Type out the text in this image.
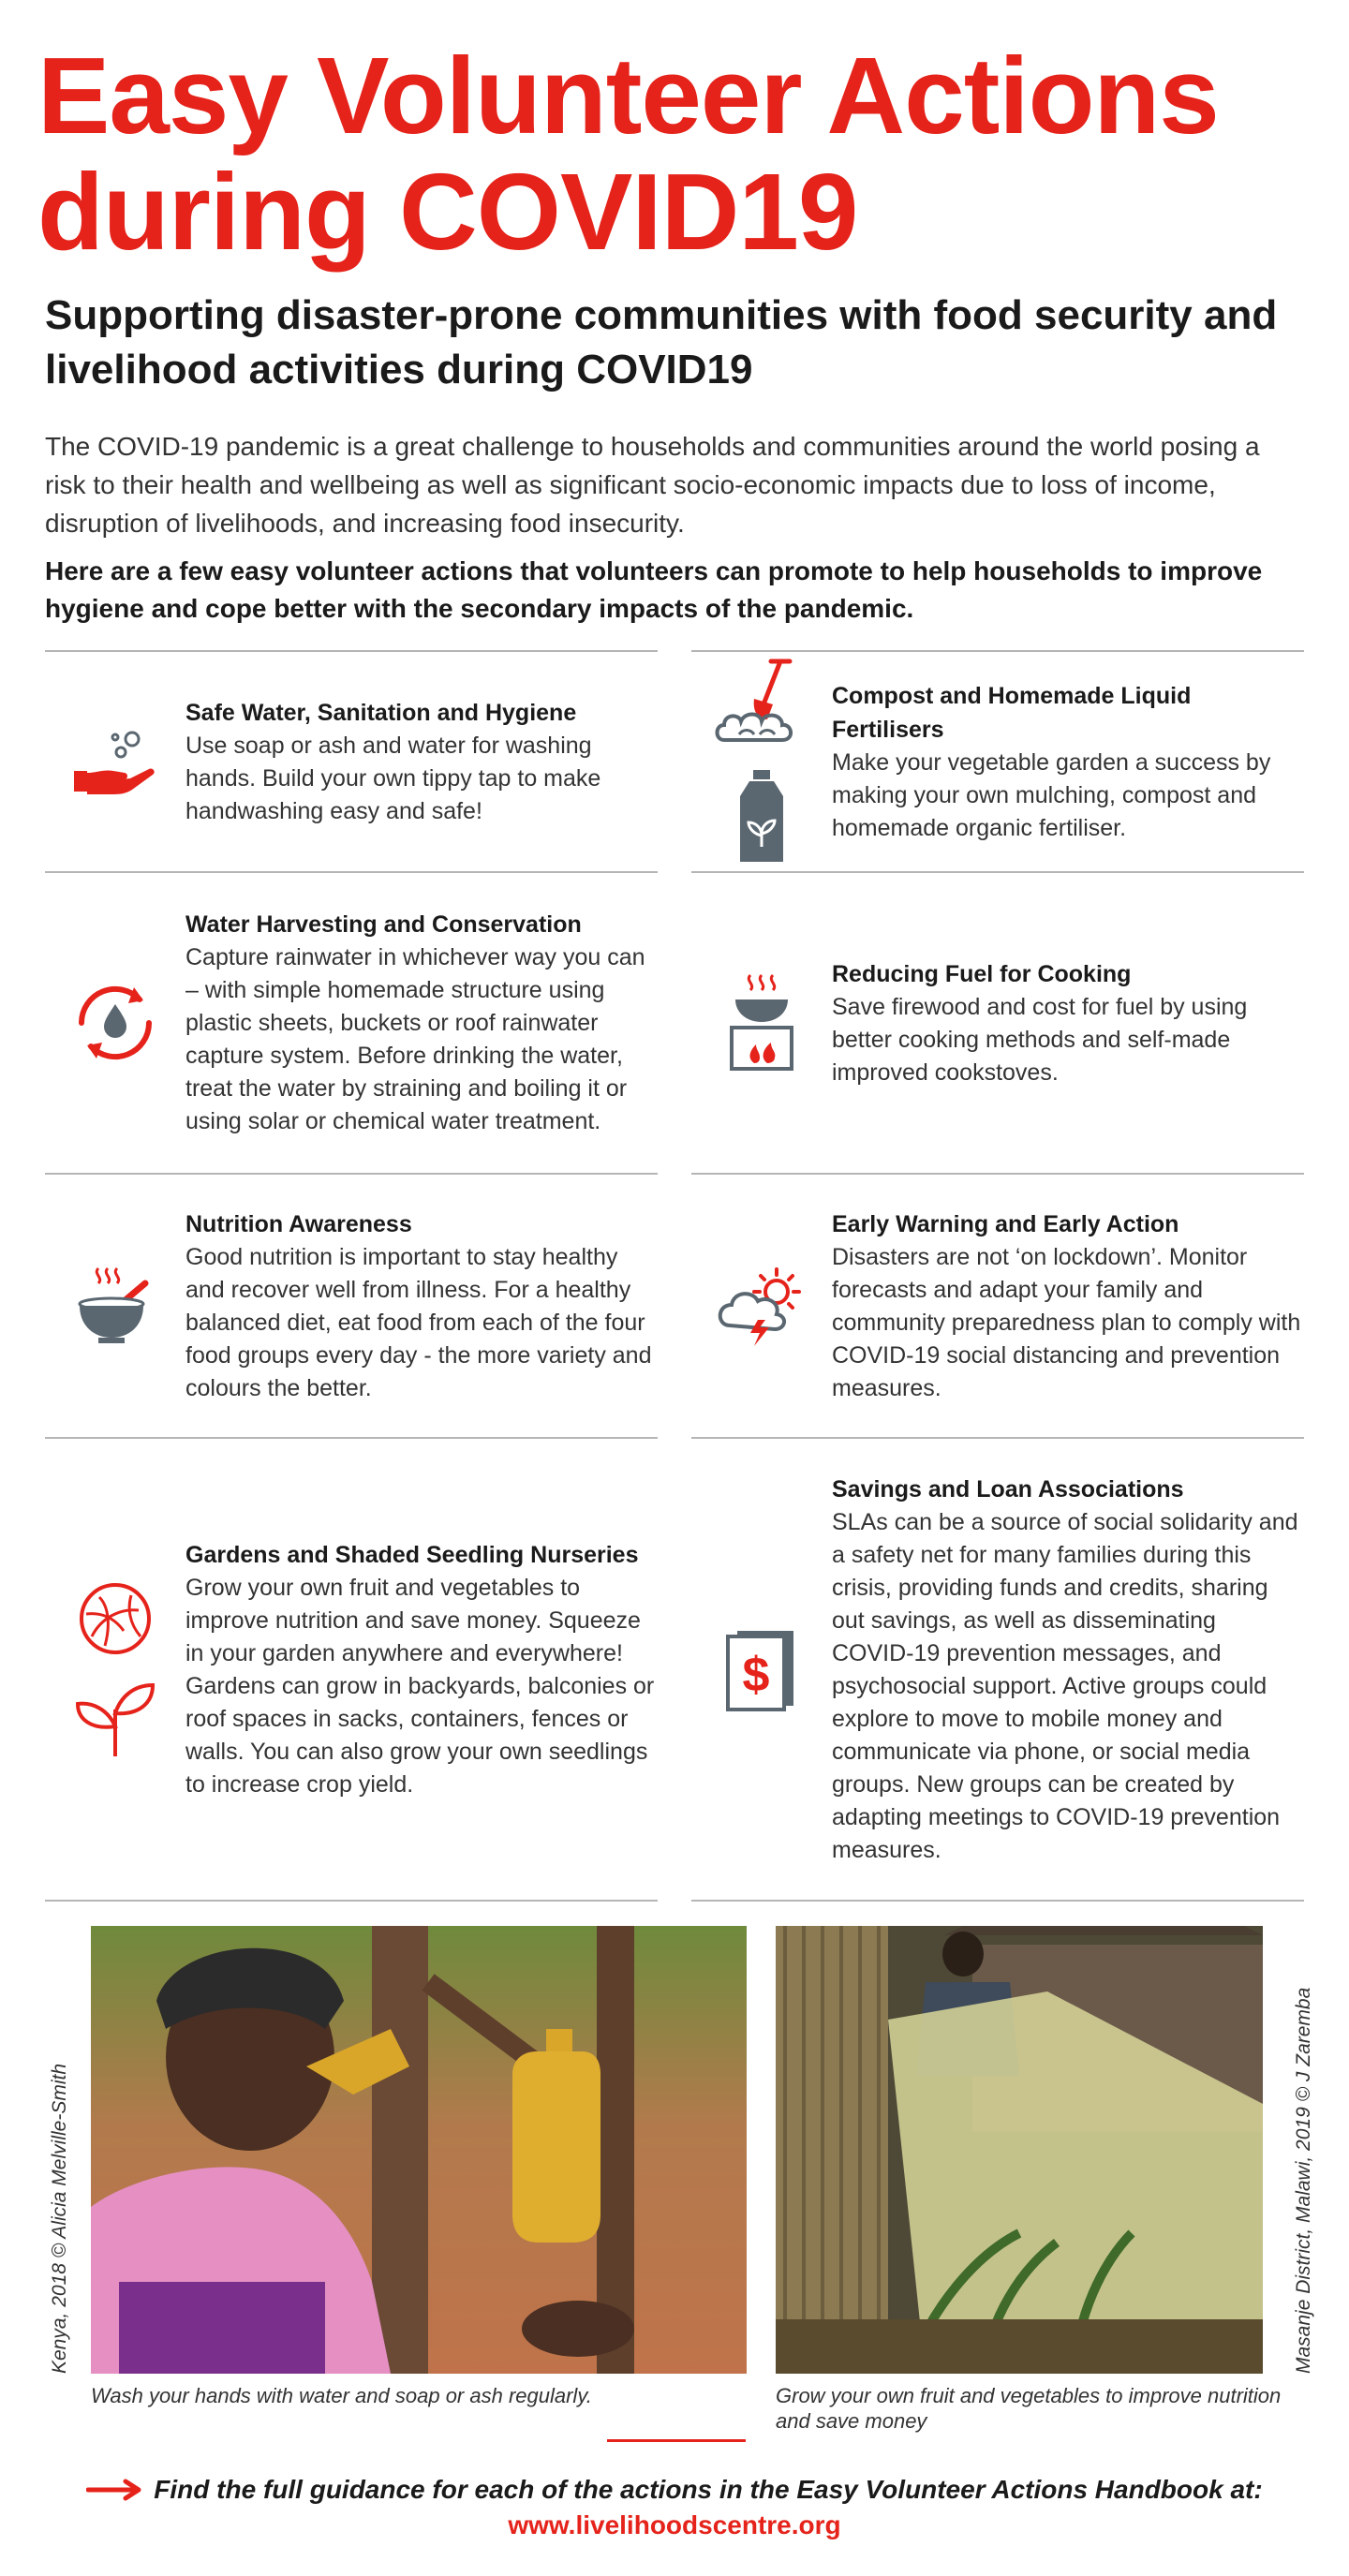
Easy Volunteer Actions
during COVID19
Supporting disaster-prone communities with food security and livelihood activities during COVID19
The COVID-19 pandemic is a great challenge to households and communities around the world posing a risk to their health and wellbeing as well as significant socio-economic impacts due to loss of income, disruption of livelihoods, and increasing food insecurity.
Here are a few easy volunteer actions that volunteers can promote to help households to improve hygiene and cope better with the secondary impacts of the pandemic.
Safe Water, Sanitation and Hygiene
Use soap or ash and water for washing hands. Build your own tippy tap to make handwashing easy and safe!
Water Harvesting and Conservation
Capture rainwater in whichever way you can – with simple homemade structure using plastic sheets, buckets or roof rainwater capture system. Before drinking the water, treat the water by straining and boiling it or using solar or chemical water treatment.
Nutrition Awareness
Good nutrition is important to stay healthy and recover well from illness. For a healthy balanced diet, eat food from each of the four food groups every day - the more variety and colours the better.
Gardens and Shaded Seedling Nurseries
Grow your own fruit and vegetables to improve nutrition and save money. Squeeze in your garden anywhere and everywhere! Gardens can grow in backyards, balconies or roof spaces in sacks, containers, fences or walls. You can also grow your own seedlings to increase crop yield.
Compost and Homemade Liquid Fertilisers
Make your vegetable garden a success by making your own mulching, compost and homemade organic fertiliser.
Reducing Fuel for Cooking
Save firewood and cost for fuel by using better cooking methods and self-made improved cookstoves.
Early Warning and Early Action
Disasters are not ‘on lockdown’. Monitor forecasts and adapt your family and community preparedness plan to comply with COVID-19 social distancing and prevention measures.
$
Savings and Loan Associations
SLAs can be a source of social solidarity and a safety net for many families during this crisis, providing funds and credits, sharing out savings, as well as disseminating COVID-19 prevention messages, and psychosocial support. Active groups could explore to move to mobile money and communicate via phone, or social media groups. New groups can be created by adapting meetings to COVID-19 prevention measures.
Wash your hands with water and soap or ash regularly.	Grow your own fruit and vegetables to improve nutrition and save money
Kenya, 2018 © Alicia Melville-Smith	Masanje District, Malawi, 2019 © J Zaremba
Find the full guidance for each of the actions in the Easy Volunteer Actions Handbook at:
www.livelihoodscentre.org
